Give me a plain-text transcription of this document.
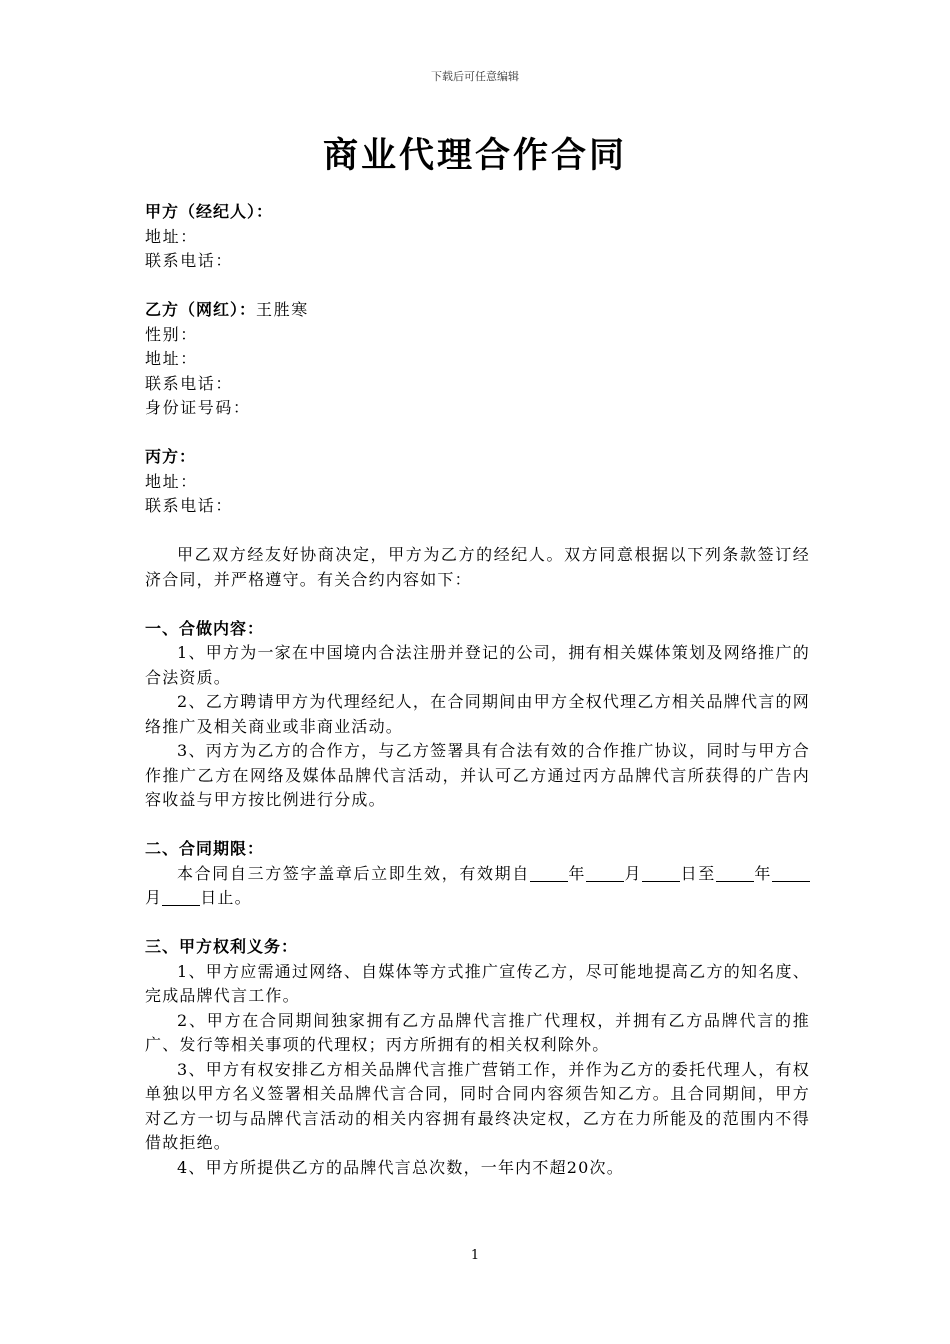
下载后可任意编辑
商业代理合作合同
甲方（经纪人）：
地址：
联系电话：
乙方（网红）：王胜寒
性别：
地址：
联系电话：
身份证号码：
丙方：
地址：
联系电话：
甲乙双方经友好协商决定，甲方为乙方的经纪人。双方同意根据以下列条款签订经济合同，并严格遵守。有关合约内容如下：
一、合做内容：
1、甲方为一家在中国境内合法注册并登记的公司，拥有相关媒体策划及网络推广的合法资质。
2、乙方聘请甲方为代理经纪人，在合同期间由甲方全权代理乙方相关品牌代言的网络推广及相关商业或非商业活动。
3、丙方为乙方的合作方，与乙方签署具有合法有效的合作推广协议，同时与甲方合作推广乙方在网络及媒体品牌代言活动，并认可乙方通过丙方品牌代言所获得的广告内容收益与甲方按比例进行分成。
二、合同期限：
本合同自三方签字盖章后立即生效，有效期自 年 月 日至 年月 日止。
三、甲方权利义务：
1、甲方应需通过网络、自媒体等方式推广宣传乙方，尽可能地提高乙方的知名度、完成品牌代言工作。
2、甲方在合同期间独家拥有乙方品牌代言推广代理权，并拥有乙方品牌代言的推广、发行等相关事项的代理权；丙方所拥有的相关权利除外。
3、甲方有权安排乙方相关品牌代言推广营销工作，并作为乙方的委托代理人，有权单独以甲方名义签署相关品牌代言合同，同时合同内容须告知乙方。且合同期间，甲方对乙方一切与品牌代言活动的相关内容拥有最终决定权，乙方在力所能及的范围内不得借故拒绝。
4、甲方所提供乙方的品牌代言总次数，一年内不超20次。
1
